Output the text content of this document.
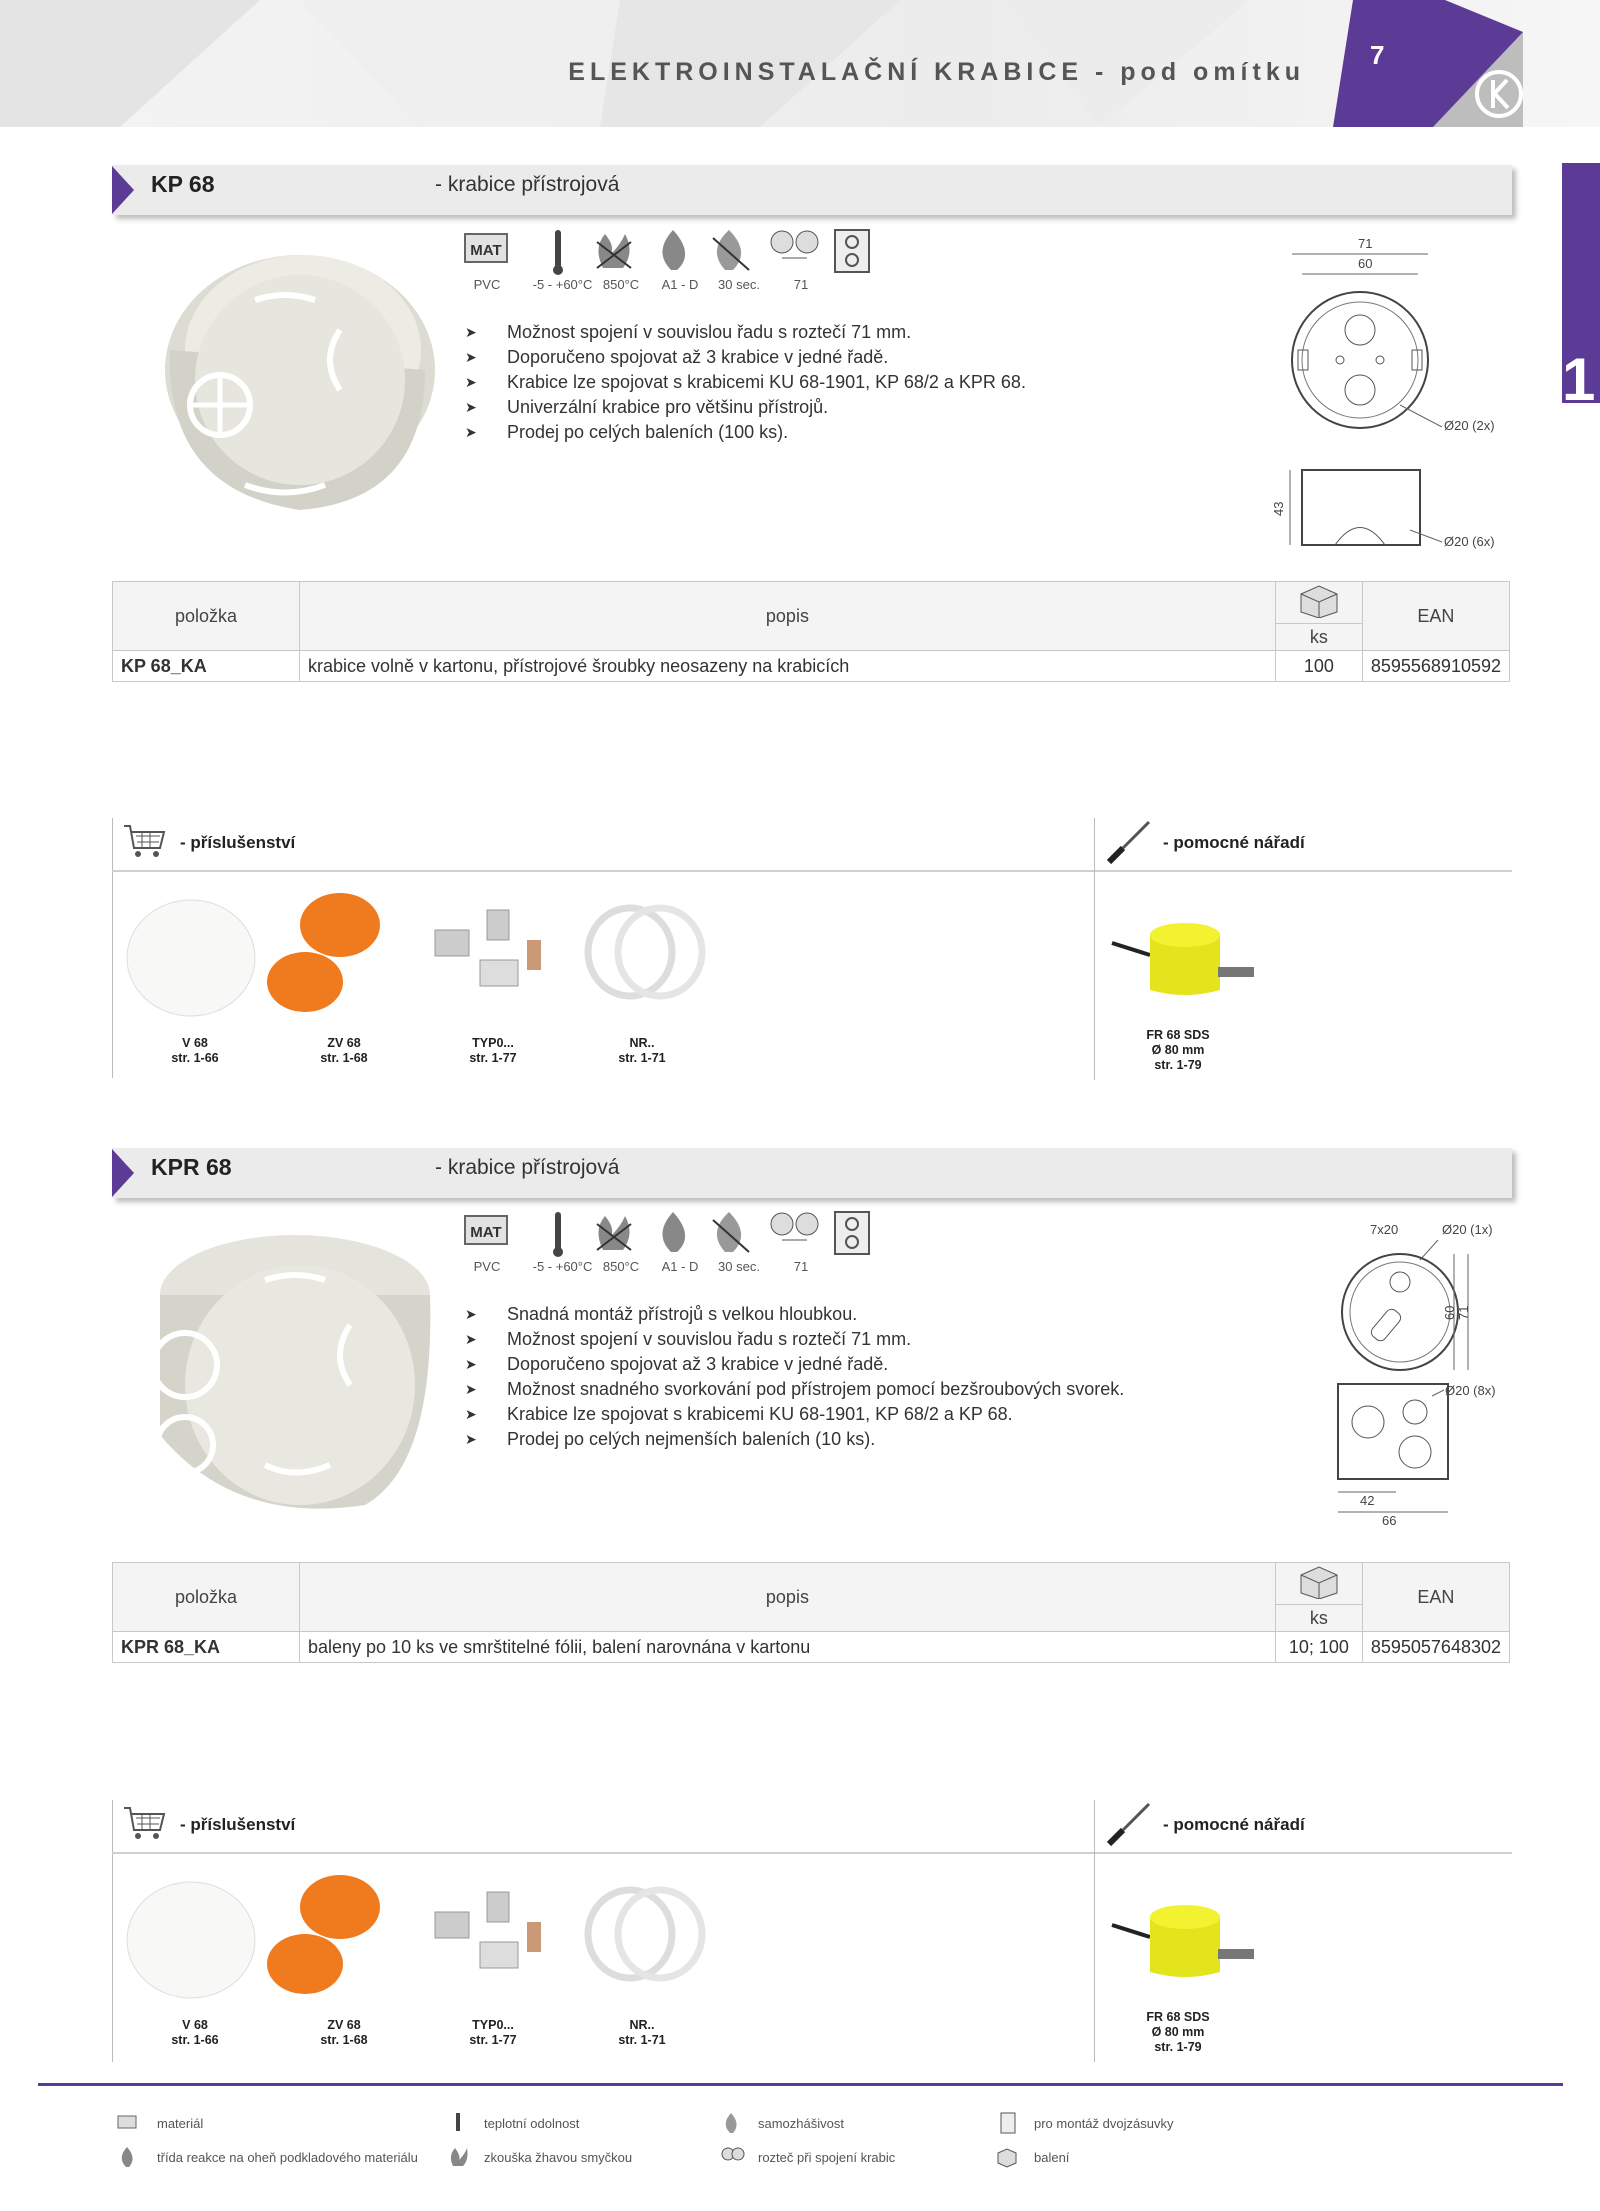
ELEKTROINSTALAČNÍ KRABICE - pod omítku
7
1
KP 68	- krabice přístrojová
MAT
PVC	-5 - +60°C 850°C	A1 - D	30 sec.	71
➤	Možnost spojení v souvislou řadu s roztečí 71 mm.
➤	Doporučeno spojovat až 3 krabice v jedné řadě.
➤	Krabice lze spojovat s krabicemi KU 68-1901, KP 68/2 a KPR 68.
➤	Univerzální krabice pro většinu přístrojů.
➤	Prodej po celých baleních (100 ks).
71
60
Ø20 (2x)
43
Ø20 (6x)
položka	popis		EAN
		ks	
KP 68_KA	krabice volně v kartonu, přístrojové šroubky neosazeny na krabicích	100	8595568910592
- příslušenství	- pomocné nářadí
V 68
str. 1-66
ZV 68
str. 1-68
TYP0...
str. 1-77
NR..
str. 1-71
FR 68 SDS
Ø 80 mm
str. 1-79
KPR 68	- krabice přístrojová
MAT
PVC	-5 - +60°C 850°C	A1 - D	30 sec.	71
➤	Snadná montáž přístrojů s velkou hloubkou.
➤	Možnost spojení v souvislou řadu s roztečí 71 mm.
➤	Doporučeno spojovat až 3 krabice v jedné řadě.
➤	Možnost snadného svorkování pod přístrojem pomocí bezšroubových svorek.
➤	Krabice lze spojovat s krabicemi KU 68-1901, KP 68/2 a KP 68.
➤	Prodej po celých nejmenších baleních (10 ks).
7x20	Ø20 (1x)
60 71
Ø20 (8x)
42
66
položka	popis		EAN
		ks	
KPR 68_KA	baleny po 10 ks ve smrštitelné fólii, balení narovnána v kartonu	10; 100	8595057648302
- příslušenství	- pomocné nářadí
V 68
str. 1-66
ZV 68
str. 1-68
TYP0...
str. 1-77
NR..
str. 1-71
FR 68 SDS
Ø 80 mm
str. 1-79
materiál	teplotní odolnost	samozhášivost	pro montáž dvojzásuvky
třída reakce na oheň podkladového materiálu	zkouška žhavou smyčkou	rozteč při spojení krabic	balení
